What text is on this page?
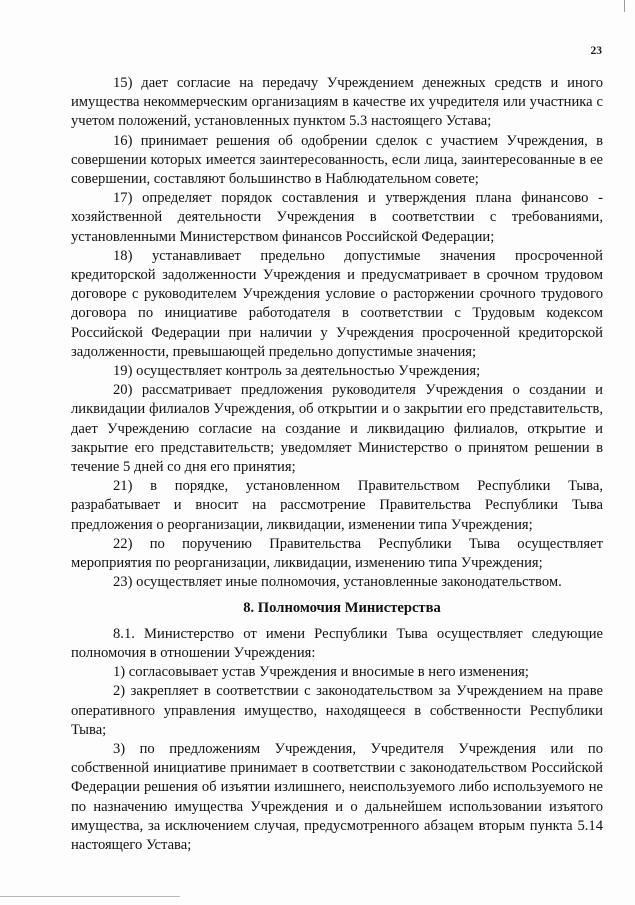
23

15) дает согласие на передачу Учреждением денежных средств и иного имущества некоммерческим организациям в качестве их учредителя или участника с учетом положений, установленных пунктом 5.3 настоящего Устава;

16) принимает решения об одобрении сделок с участием Учреждения, в совершении которых имеется заинтересованность, если лица, заинтересованные в ее совершении, составляют большинство в Наблюдательном совете;

17) определяет порядок составления и утверждения плана финансово - хозяйственной деятельности Учреждения в соответствии с требованиями, установленными Министерством финансов Российской Федерации;

18) устанавливает предельно допустимые значения просроченной кредиторской задолженности Учреждения и предусматривает в срочном трудовом договоре с руководителем Учреждения условие о расторжении срочного трудового договора по инициативе работодателя в соответствии с Трудовым кодексом Российской Федерации при наличии у Учреждения просроченной кредиторской задолженности, превышающей предельно допустимые значения;

19) осуществляет контроль за деятельностью Учреждения;

20) рассматривает предложения руководителя Учреждения о создании и ликвидации филиалов Учреждения, об открытии и о закрытии его представительств, дает Учреждению согласие на создание и ликвидацию филиалов, открытие и закрытие его представительств; уведомляет Министерство о принятом решении в течение 5 дней со дня его принятия;

21) в порядке, установленном Правительством Республики Тыва, разрабатывает и вносит на рассмотрение Правительства Республики Тыва предложения о реорганизации, ликвидации, изменении типа Учреждения;

22) по поручению Правительства Республики Тыва осуществляет мероприятия по реорганизации, ликвидации, изменению типа Учреждения;

23) осуществляет иные полномочия, установленные законодательством.

8. Полномочия Министерства

8.1. Министерство от имени Республики Тыва осуществляет следующие полномочия в отношении Учреждения:

1) согласовывает устав Учреждения и вносимые в него изменения;

2) закрепляет в соответствии с законодательством за Учреждением на праве оперативного управления имущество, находящееся в собственности Республики Тыва;

3) по предложениям Учреждения, Учредителя Учреждения или по собственной инициативе принимает в соответствии с законодательством Российской Федерации решения об изъятии излишнего, неиспользуемого либо используемого не по назначению имущества Учреждения и о дальнейшем использовании изъятого имущества, за исключением случая, предусмотренного абзацем вторым пункта 5.14 настоящего Устава;
